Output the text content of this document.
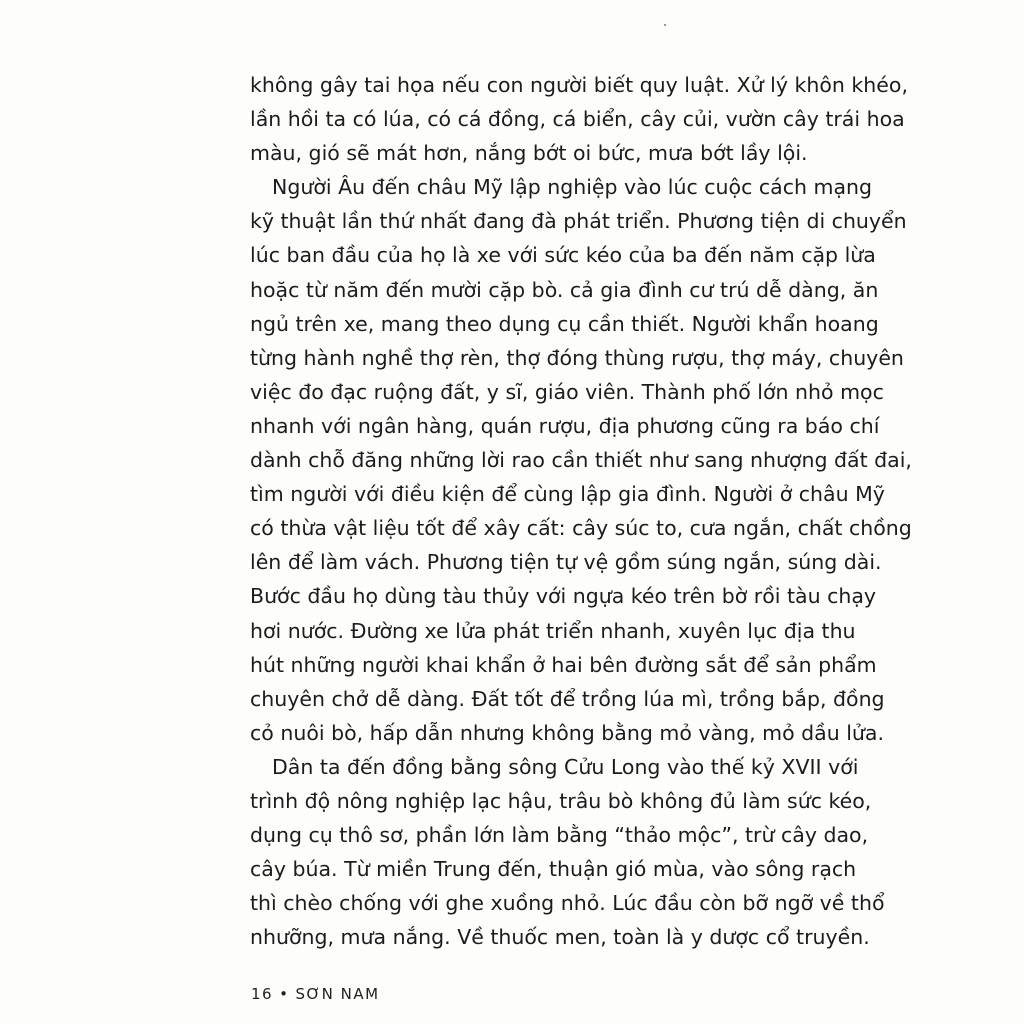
không gây tai họa nếu con người biết quy luật. Xử lý khôn khéo,
lần hồi ta có lúa, có cá đồng, cá biển, cây củi, vườn cây trái hoa
màu, gió sẽ mát hơn, nắng bớt oi bức, mưa bớt lầy lội.
Người Âu đến châu Mỹ lập nghiệp vào lúc cuộc cách mạng
kỹ thuật lần thứ nhất đang đà phát triển. Phương tiện di chuyển
lúc ban đầu của họ là xe với sức kéo của ba đến năm cặp lừa
hoặc từ năm đến mười cặp bò. cả gia đình cư trú dễ dàng, ăn
ngủ trên xe, mang theo dụng cụ cần thiết. Người khẩn hoang
từng hành nghề thợ rèn, thợ đóng thùng rượu, thợ máy, chuyên
việc đo đạc ruộng đất, y sĩ, giáo viên. Thành phố lớn nhỏ mọc
nhanh với ngân hàng, quán rượu, địa phương cũng ra báo chí
dành chỗ đăng những lời rao cần thiết như sang nhượng đất đai,
tìm người với điều kiện để cùng lập gia đình. Người ở châu Mỹ
có thừa vật liệu tốt để xây cất: cây súc to, cưa ngắn, chất chồng
lên để làm vách. Phương tiện tự vệ gồm súng ngắn, súng dài.
Bước đầu họ dùng tàu thủy với ngựa kéo trên bờ rồi tàu chạy
hơi nước. Đường xe lửa phát triển nhanh, xuyên lục địa thu
hút những người khai khẩn ở hai bên đường sắt để sản phẩm
chuyên chở dễ dàng. Đất tốt để trồng lúa mì, trồng bắp, đồng
cỏ nuôi bò, hấp dẫn nhưng không bằng mỏ vàng, mỏ dầu lửa.
Dân ta đến đồng bằng sông Cửu Long vào thế kỷ XVII với
trình độ nông nghiệp lạc hậu, trâu bò không đủ làm sức kéo,
dụng cụ thô sơ, phần lớn làm bằng “thảo mộc”, trừ cây dao,
cây búa. Từ miền Trung đến, thuận gió mùa, vào sông rạch
thì chèo chống với ghe xuồng nhỏ. Lúc đầu còn bỡ ngỡ về thổ
nhưỡng, mưa nắng. Về thuốc men, toàn là y dược cổ truyền.
16 • SƠN NAM
